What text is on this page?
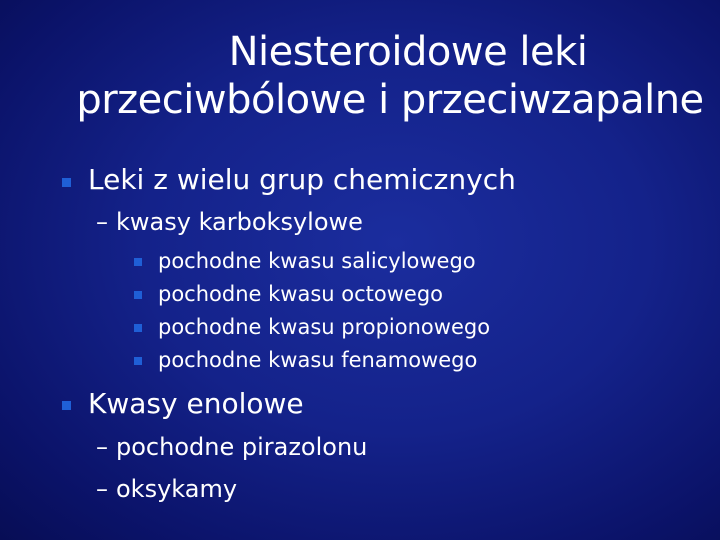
Niesteroidowe leki
przeciwbólowe i przeciwzapalne
Leki z wielu grup chemicznych
– kwasy karboksylowe
pochodne kwasu salicylowego
pochodne kwasu octowego
pochodne kwasu propionowego
pochodne kwasu fenamowego
Kwasy enolowe
– pochodne pirazolonu
– oksykamy
